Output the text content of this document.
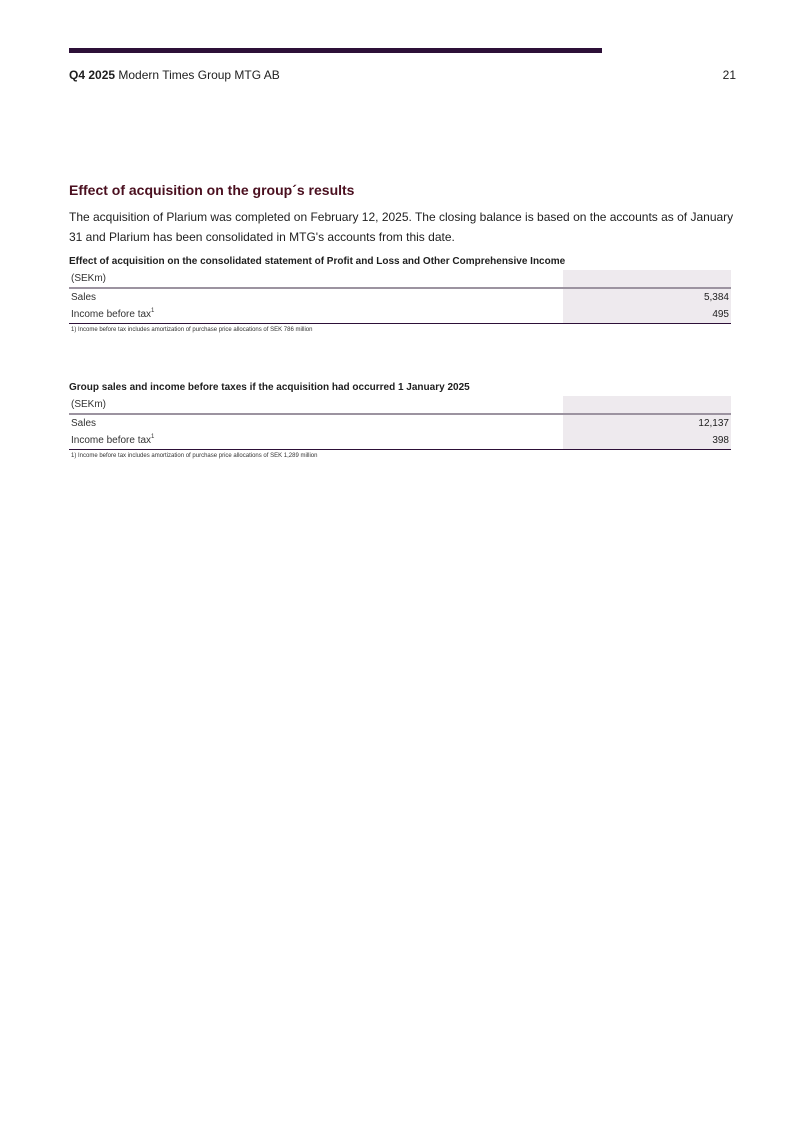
Q4 2025 Modern Times Group MTG AB	21
Effect of acquisition on the group´s results
The acquisition of Plarium was completed on February 12, 2025. The closing balance is based on the accounts as of January 31 and Plarium has been consolidated in MTG's accounts from this date.
Effect of acquisition on the consolidated statement of Profit and Loss and Other Comprehensive Income
(SEKm)
Sales	5,384
Income before tax$^1$	495
1) Income before tax includes amortization of purchase price allocations of SEK 786 million
Group sales and income before taxes if the acquisition had occurred 1 January 2025
(SEKm)
Sales	12,137
Income before tax$^1$	398
1) Income before tax includes amortization of purchase price allocations of SEK 1,289 million
